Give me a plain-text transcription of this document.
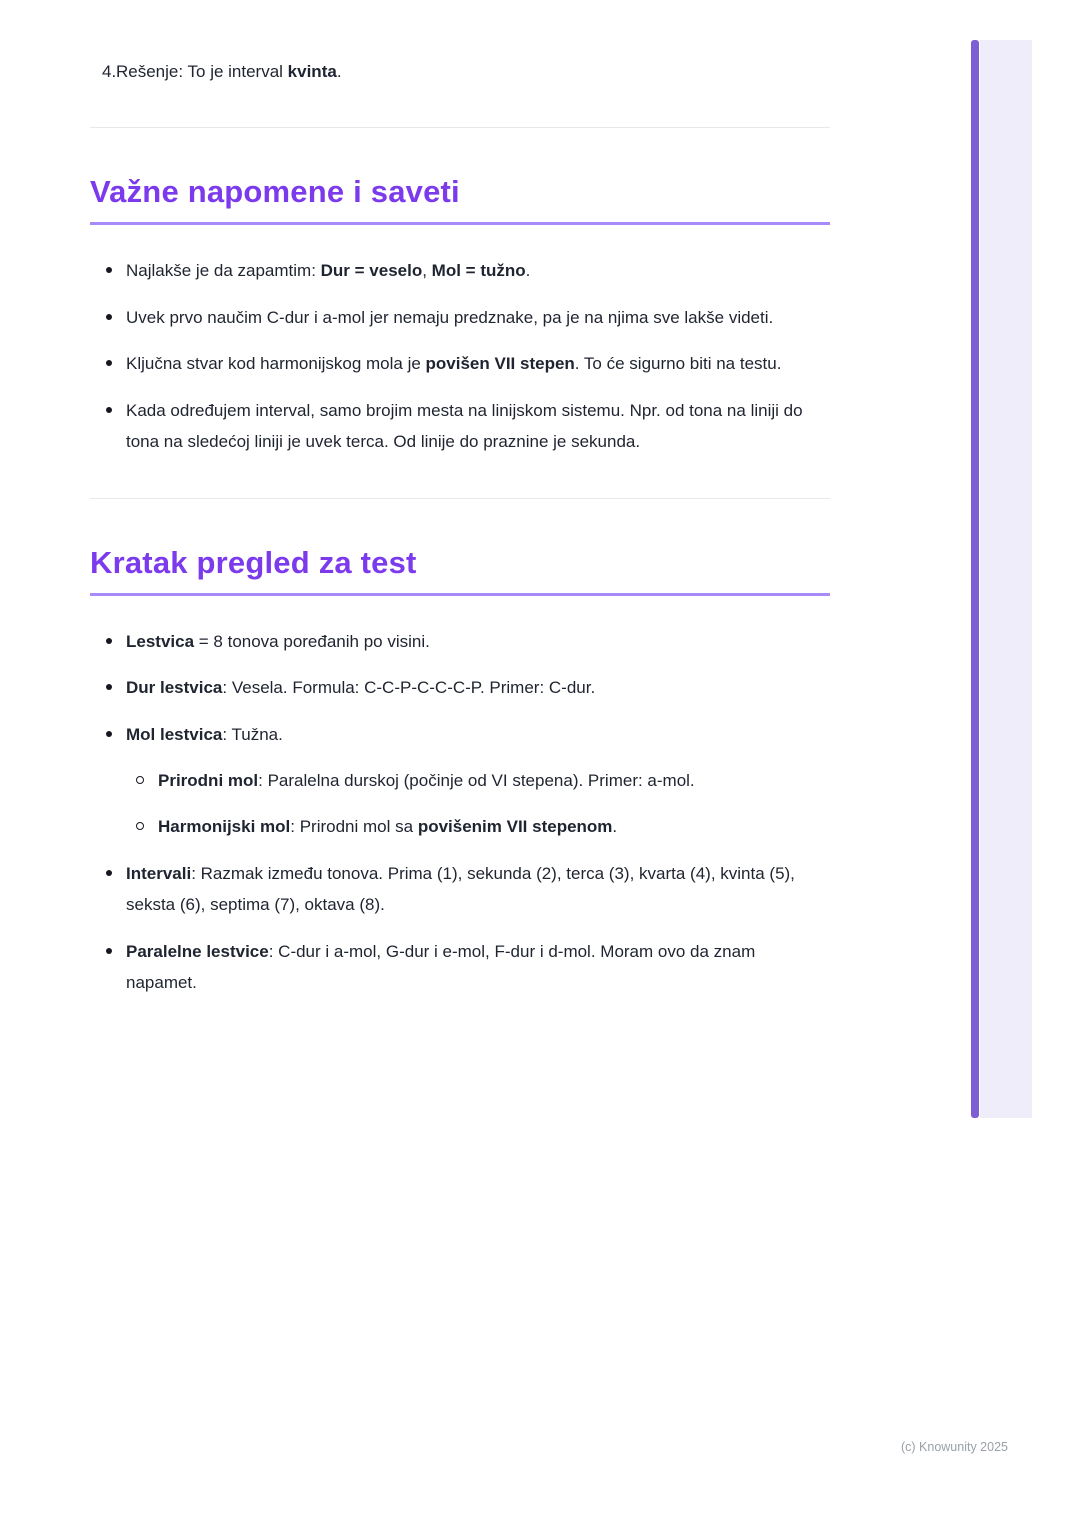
4. Rešenje: To je interval kvinta.
Važne napomene i saveti
Najlakše je da zapamtim: Dur = veselo, Mol = tužno.
Uvek prvo naučim C-dur i a-mol jer nemaju predznake, pa je na njima sve lakše videti.
Ključna stvar kod harmonijskog mola je povišen VII stepen. To će sigurno biti na testu.
Kada određujem interval, samo brojim mesta na linijskom sistemu. Npr. od tona na liniji do tona na sledećoj liniji je uvek terca. Od linije do praznine je sekunda.
Kratak pregled za test
Lestvica = 8 tonova poređanih po visini.
Dur lestvica: Vesela. Formula: C-C-P-C-C-C-P. Primer: C-dur.
Mol lestvica: Tužna.
Prirodni mol: Paralelna durskoj (počinje od VI stepena). Primer: a-mol.
Harmonijski mol: Prirodni mol sa povišenim VII stepenom.
Intervali: Razmak između tonova. Prima (1), sekunda (2), terca (3), kvarta (4), kvinta (5), seksta (6), septima (7), oktava (8).
Paralelne lestvice: C-dur i a-mol, G-dur i e-mol, F-dur i d-mol. Moram ovo da znam napamet.
(c) Knowunity 2025
